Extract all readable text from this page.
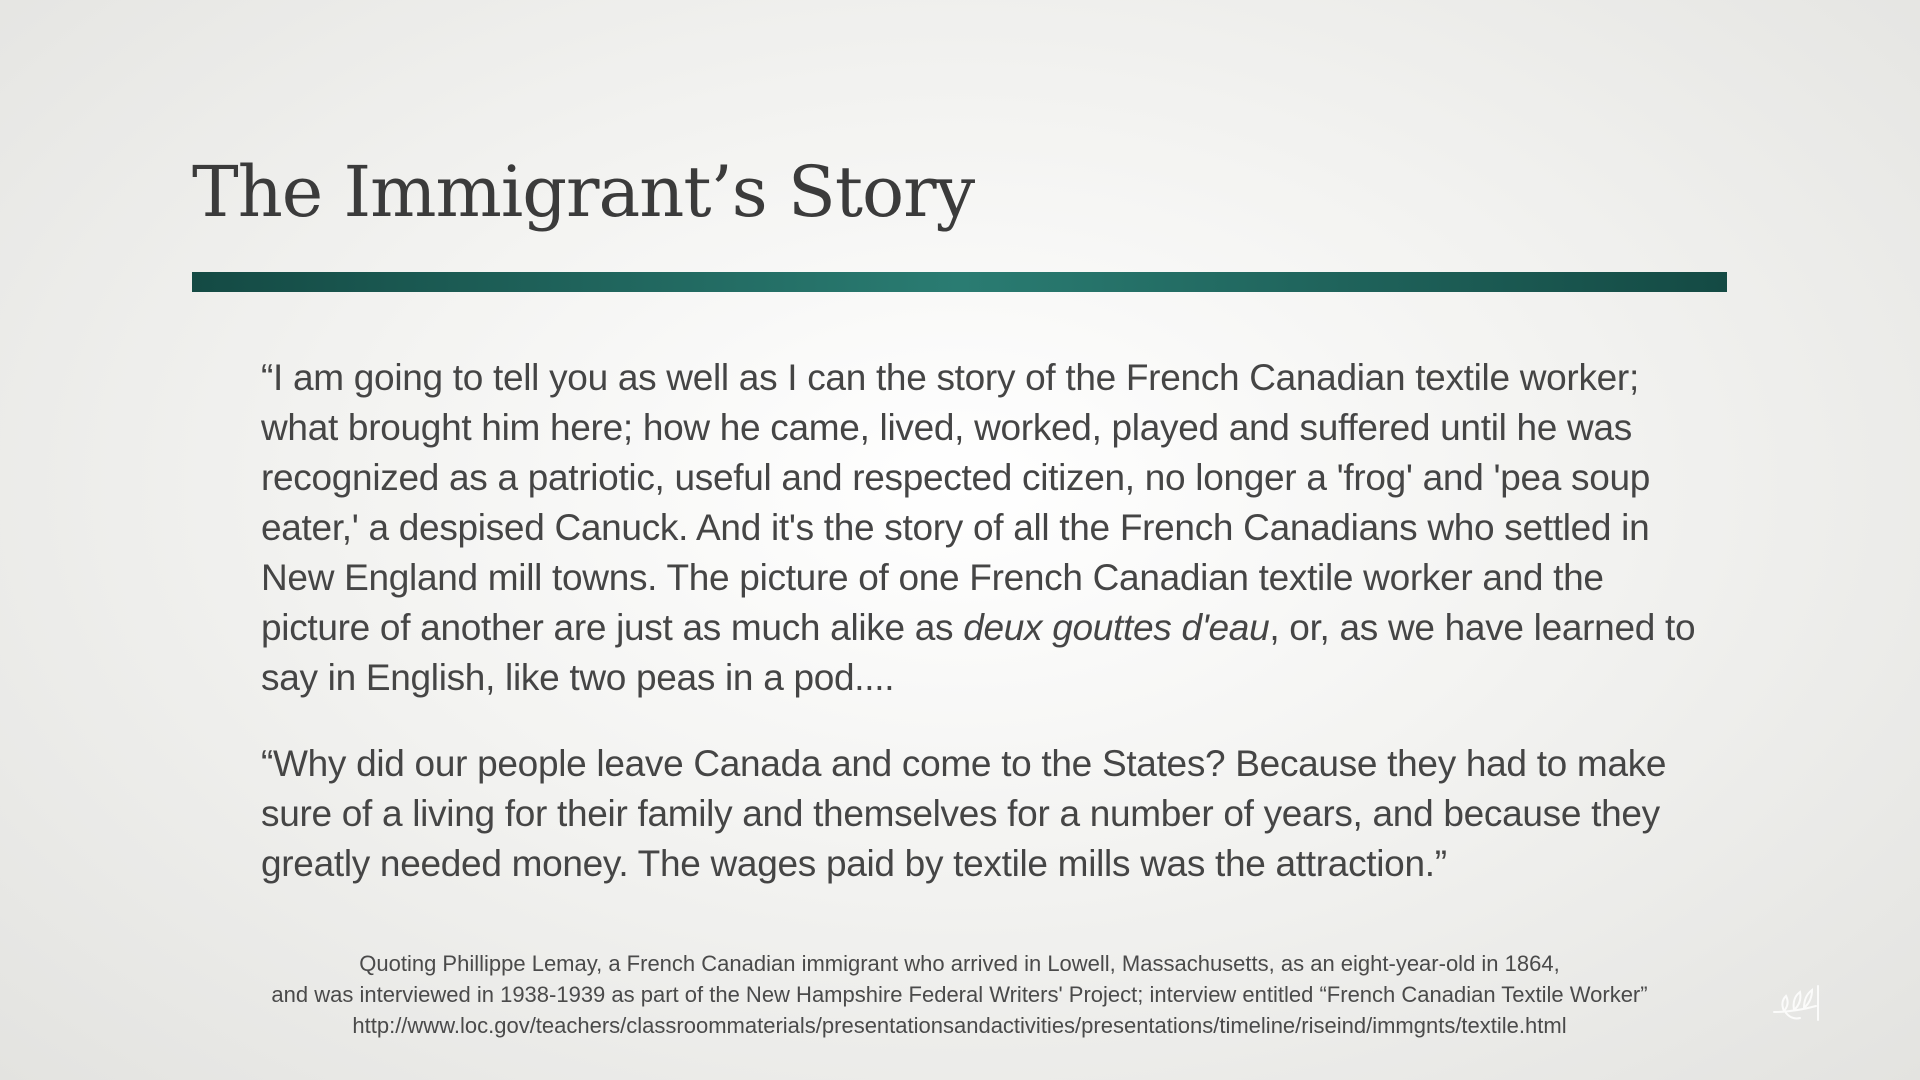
The Immigrant’s Story

“I am going to tell you as well as I can the story of the French Canadian textile worker; what brought him here; how he came, lived, worked, played and suffered until he was recognized as a patriotic, useful and respected citizen, no longer a 'frog' and 'pea soup eater,' a despised Canuck. And it's the story of all the French Canadians who settled in New England mill towns. The picture of one French Canadian textile worker and the picture of another are just as much alike as deux gouttes d'eau, or, as we have learned to say in English, like two peas in a pod....

“Why did our people leave Canada and come to the States? Because they had to make sure of a living for their family and themselves for a number of years, and because they greatly needed money. The wages paid by textile mills was the attraction.”

Quoting Phillippe Lemay, a French Canadian immigrant who arrived in Lowell, Massachusetts, as an eight-year-old in 1864,
and was interviewed in 1938-1939 as part of the New Hampshire Federal Writers' Project; interview entitled “French Canadian Textile Worker”
http://www.loc.gov/teachers/classroommaterials/presentationsandactivities/presentations/timeline/riseind/immgnts/textile.html
